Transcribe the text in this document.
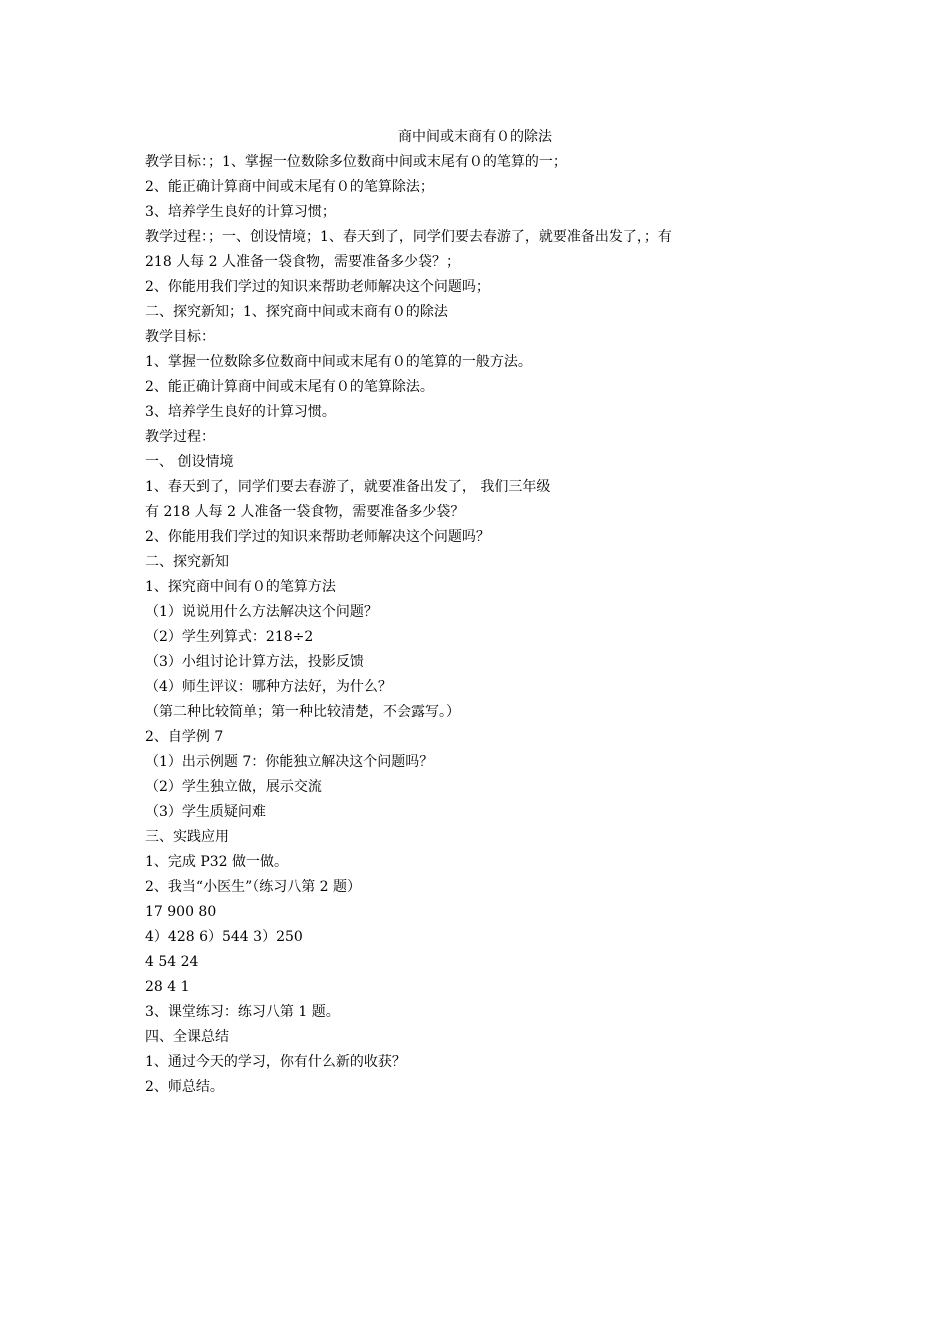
商中间或末商有０的除法
教学目标：；1、掌握一位数除多位数商中间或末尾有０的笔算的一；
2、能正确计算商中间或末尾有０的笔算除法；
3、培养学生良好的计算习惯；
教学过程：；一、创设情境；1、春天到了，同学们要去春游了，就要准备出发了，；有
218 人每 2 人准备一袋食物，需要准备多少袋？；
2、你能用我们学过的知识来帮助老师解决这个问题吗；
二、探究新知；1、探究商中间或末商有０的除法
教学目标：
1、掌握一位数除多位数商中间或末尾有０的笔算的一般方法。
2、能正确计算商中间或末尾有０的笔算除法。
3、培养学生良好的计算习惯。
教学过程：
一、 创设情境
1、春天到了，同学们要去春游了，就要准备出发了， 我们三年级
有 218 人每 2 人准备一袋食物，需要准备多少袋？
2、你能用我们学过的知识来帮助老师解决这个问题吗？
二、探究新知
1、探究商中间有０的笔算方法
（1）说说用什么方法解决这个问题？
（2）学生列算式：218÷2
（3）小组讨论计算方法，投影反馈
（4）师生评议：哪种方法好，为什么？
（第二种比较简单；第一种比较清楚，不会露写。）
2、自学例 7
（1）出示例题 7：你能独立解决这个问题吗？
（2）学生独立做，展示交流
（3）学生质疑问难
三、实践应用
1、完成 P32 做一做。
2、我当“小医生”（练习八第 2 题）
17 900 80
4）428 6）544 3）250
4 54 24
28 4 1
3、课堂练习：练习八第 1 题。
四、全课总结
1、通过今天的学习，你有什么新的收获？
2、师总结。
